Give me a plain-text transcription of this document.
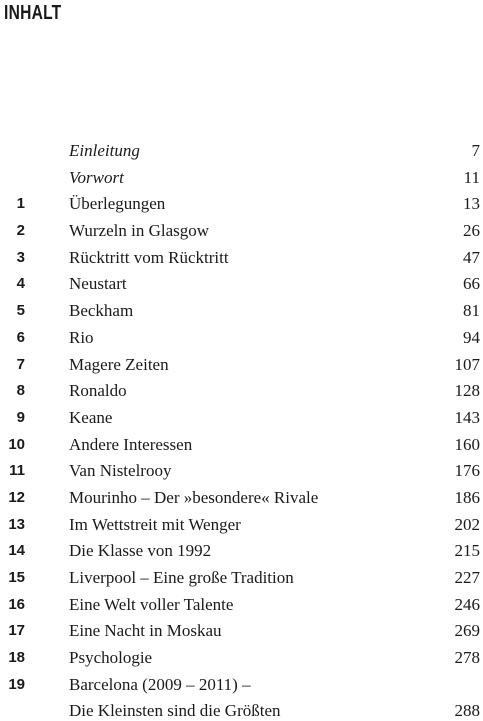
INHALT
Einleitung	7
Vorwort	11
1	Überlegungen	13
2	Wurzeln in Glasgow	26
3	Rücktritt vom Rücktritt	47
4	Neustart	66
5	Beckham	81
6	Rio	94
7	Magere Zeiten	107
8	Ronaldo	128
9	Keane	143
10	Andere Interessen	160
11	Van Nistelrooy	176
12	Mourinho – Der »besondere« Rivale	186
13	Im Wettstreit mit Wenger	202
14	Die Klasse von 1992	215
15	Liverpool – Eine große Tradition	227
16	Eine Welt voller Talente	246
17	Eine Nacht in Moskau	269
18	Psychologie	278
19	Barcelona (2009 – 2011) –
Die Kleinsten sind die Größten	288
